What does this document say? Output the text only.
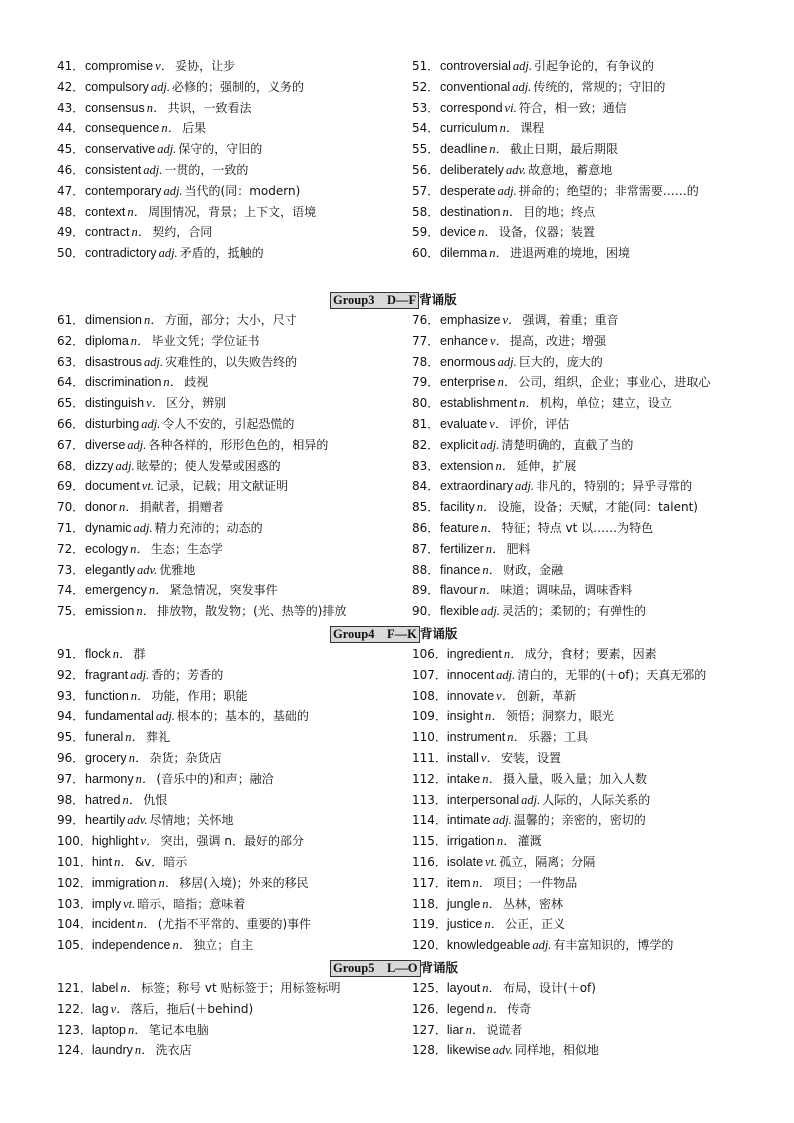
41．compromise v． 妥协，让步
42．compulsory adj. 必修的；强制的，义务的
43．consensus n． 共识，一致看法
44．consequence n． 后果
45．conservative adj. 保守的，守旧的
46．consistent adj. 一贯的，一致的
47．contemporary adj. 当代的(同：modern)
48．context n． 周围情况，背景；上下文，语境
49．contract n． 契约，合同
50．contradictory adj. 矛盾的，抵触的
51．controversial adj. 引起争论的，有争议的
52．conventional adj. 传统的，常规的；守旧的
53．correspond vi. 符合，相一致；通信
54．curriculum n． 课程
55．deadline n． 截止日期，最后期限
56．deliberately adv. 故意地，蓄意地
57．desperate adj. 拼命的；绝望的；非常需要……的
58．destination n． 目的地；终点
59．device n． 设备，仪器；装置
60．dilemma n． 进退两难的境地，困境
Group3　D—F 背诵版
61．dimension n． 方面，部分；大小，尺寸
62．diploma n． 毕业文凭；学位证书
63．disastrous adj. 灾难性的，以失败告终的
64．discrimination n． 歧视
65．distinguish v． 区分，辨别
66．disturbing adj. 令人不安的，引起恐慌的
67．diverse adj. 各种各样的，形形色色的，相异的
68．dizzy adj. 眩晕的；使人发晕或困惑的
69．document vt. 记录，记载；用文献证明
70．donor n． 捐献者，捐赠者
71．dynamic adj. 精力充沛的；动态的
72．ecology n． 生态；生态学
73．elegantly adv. 优雅地
74．emergency n． 紧急情况，突发事件
75．emission n． 排放物，散发物；(光、热等的)排放
76．emphasize v． 强调，着重；重音
77．enhance v． 提高，改进；增强
78．enormous adj. 巨大的，庞大的
79．enterprise n． 公司，组织，企业；事业心，进取心
80．establishment n． 机构，单位；建立，设立
81．evaluate v． 评价，评估
82．explicit adj. 清楚明确的，直截了当的
83．extension n． 延伸，扩展
84．extraordinary adj. 非凡的，特别的；异乎寻常的
85．facility n． 设施，设备；天赋，才能(同：talent)
86．feature n． 特征；特点 vt 以……为特色
87．fertilizer n． 肥料
88．finance n． 财政，金融
89．flavour n． 味道；调味品，调味香料
90．flexible adj. 灵活的；柔韧的；有弹性的
Group4　F—K 背诵版
91．flock n． 群
92．fragrant adj. 香的；芳香的
93．function n． 功能，作用；职能
94．fundamental adj. 根本的；基本的，基础的
95．funeral n． 葬礼
96．grocery n． 杂货；杂货店
97．harmony n． (音乐中的)和声；融洽
98．hatred n． 仇恨
99．heartily adv. 尽情地；关怀地
100．highlight v． 突出，强调 n．最好的部分
101．hint n． &v．暗示
102．immigration n． 移居(入境)；外来的移民
103．imply vt. 暗示，暗指；意味着
104．incident n． (尤指不平常的、重要的)事件
105．independence n． 独立；自主
106．ingredient n． 成分，食材；要素，因素
107．innocent adj. 清白的，无罪的(＋of)；天真无邪的
108．innovate v． 创新，革新
109．insight n． 领悟；洞察力，眼光
110．instrument n． 乐器；工具
111．install v． 安装，设置
112．intake n． 摄入量，吸入量；加入人数
113．interpersonal adj. 人际的，人际关系的
114．intimate adj. 温馨的；亲密的，密切的
115．irrigation n． 灌溉
116．isolate vt. 孤立，隔离；分隔
117．item n． 项目；一件物品
118．jungle n． 丛林，密林
119．justice n． 公正，正义
120．knowledgeable adj. 有丰富知识的，博学的
Group5　L—O 背诵版
121．label n． 标签；称号 vt 贴标签于；用标签标明
122．lag v． 落后，拖后(＋behind)
123．laptop n． 笔记本电脑
124．laundry n． 洗衣店
125．layout n． 布局，设计(＋of)
126．legend n． 传奇
127．liar n． 说谎者
128．likewise adv. 同样地，相似地
